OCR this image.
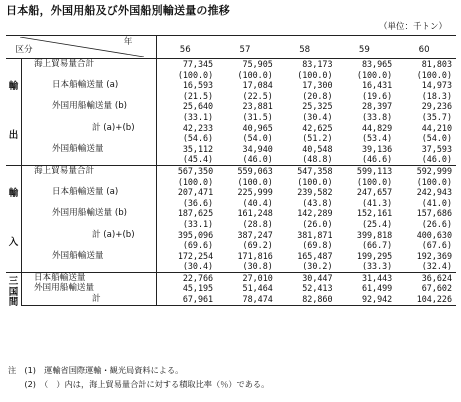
日本船，外国用船及び外国船別輸送量の推移
（単位：千トン）

	年
区分	56	57	58	59	60

輸
出	海上貿易量合計	77,345	75,905	83,173	83,965	81,803
		(100.0)	(100.0)	(100.0)	(100.0)	(100.0)
	日本船輸送量 (a)	16,593	17,084	17,300	16,431	14,973
		(21.5)	(22.5)	(20.8)	(19.6)	(18.3)
	外国用船輸送量 (b)	25,640	23,881	25,325	28,397	29,236
		(33.1)	(31.5)	(30.4)	(33.8)	(35.7)
	計 (a)+(b)	42,233	40,965	42,625	44,829	44,210
		(54.6)	(54.0)	(51.2)	(53.4)	(54.0)
	外国船輸送量	35,112	34,940	40,548	39,136	37,593
		(45.4)	(46.0)	(48.8)	(46.6)	(46.0)

輸
入	海上貿易量合計	567,350	559,063	547,358	599,113	592,999
		(100.0)	(100.0)	(100.0)	(100.0)	(100.0)
	日本船輸送量 (a)	207,471	225,999	239,582	247,657	242,943
		(36.6)	(40.4)	(43.8)	(41.3)	(41.0)
	外国用船輸送量 (b)	187,625	161,248	142,289	152,161	157,686
		(33.1)	(28.8)	(26.0)	(25.4)	(26.6)
	計 (a)+(b)	395,096	387,247	381,871	399,818	400,630
		(69.6)	(69.2)	(69.8)	(66.7)	(67.6)
	外国船輸送量	172,254	171,816	165,487	199,295	192,369
		(30.4)	(30.8)	(30.2)	(33.3)	(32.4)

三
国
間	日本船輸送量	22,766	27,010	30,447	31,443	36,624
	外国用船輸送量	45,195	51,464	52,413	61,499	67,602
	計	67,961	78,474	82,860	92,942	104,226
注　(1)　運輸省国際運輸・観光局資料による。
　　(2)　（　）内は，海上貿易量合計に対する積取比率（％）である。
